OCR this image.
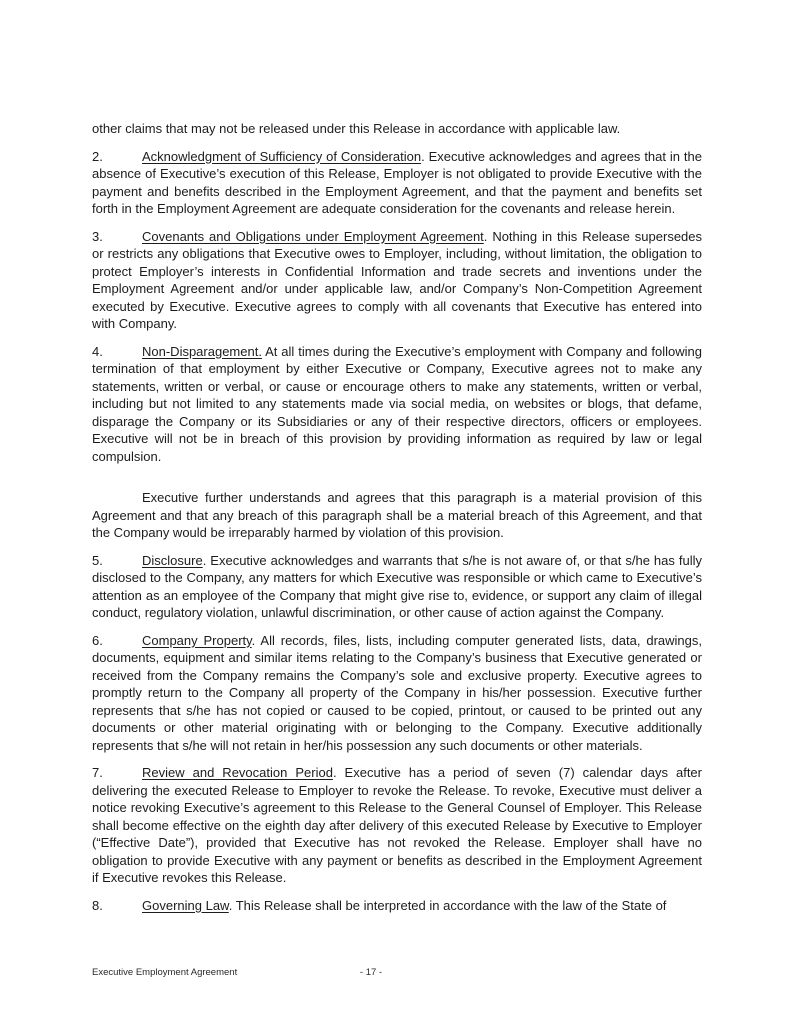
other claims that may not be released under this Release in accordance with applicable law.

2.	Acknowledgment of Sufficiency of Consideration. Executive acknowledges and agrees that in the absence of Executive’s execution of this Release, Employer is not obligated to provide Executive with the payment and benefits described in the Employment Agreement, and that the payment and benefits set forth in the Employment Agreement are adequate consideration for the covenants and release herein.

3.	Covenants and Obligations under Employment Agreement. Nothing in this Release supersedes or restricts any obligations that Executive owes to Employer, including, without limitation, the obligation to protect Employer’s interests in Confidential Information and trade secrets and inventions under the Employment Agreement and/or under applicable law, and/or Company’s Non-Competition Agreement executed by Executive. Executive agrees to comply with all covenants that Executive has entered into with Company.

4.	Non-Disparagement. At all times during the Executive’s employment with Company and following termination of that employment by either Executive or Company, Executive agrees not to make any statements, written or verbal, or cause or encourage others to make any statements, written or verbal, including but not limited to any statements made via social media, on websites or blogs, that defame, disparage the Company or its Subsidiaries or any of their respective directors, officers or employees. Executive will not be in breach of this provision by providing information as required by law or legal compulsion.

Executive further understands and agrees that this paragraph is a material provision of this Agreement and that any breach of this paragraph shall be a material breach of this Agreement, and that the Company would be irreparably harmed by violation of this provision.

5.	Disclosure. Executive acknowledges and warrants that s/he is not aware of, or that s/he has fully disclosed to the Company, any matters for which Executive was responsible or which came to Executive’s attention as an employee of the Company that might give rise to, evidence, or support any claim of illegal conduct, regulatory violation, unlawful discrimination, or other cause of action against the Company.

6.	Company Property. All records, files, lists, including computer generated lists, data, drawings, documents, equipment and similar items relating to the Company’s business that Executive generated or received from the Company remains the Company’s sole and exclusive property. Executive agrees to promptly return to the Company all property of the Company in his/her possession. Executive further represents that s/he has not copied or caused to be copied, printout, or caused to be printed out any documents or other material originating with or belonging to the Company. Executive additionally represents that s/he will not retain in her/his possession any such documents or other materials.

7.	Review and Revocation Period. Executive has a period of seven (7) calendar days after delivering the executed Release to Employer to revoke the Release. To revoke, Executive must deliver a notice revoking Executive’s agreement to this Release to the General Counsel of Employer. This Release shall become effective on the eighth day after delivery of this executed Release by Executive to Employer (“Effective Date”), provided that Executive has not revoked the Release. Employer shall have no obligation to provide Executive with any payment or benefits as described in the Employment Agreement if Executive revokes this Release.

8.	Governing Law. This Release shall be interpreted in accordance with the law of the State of

Executive Employment Agreement	- 17 -
